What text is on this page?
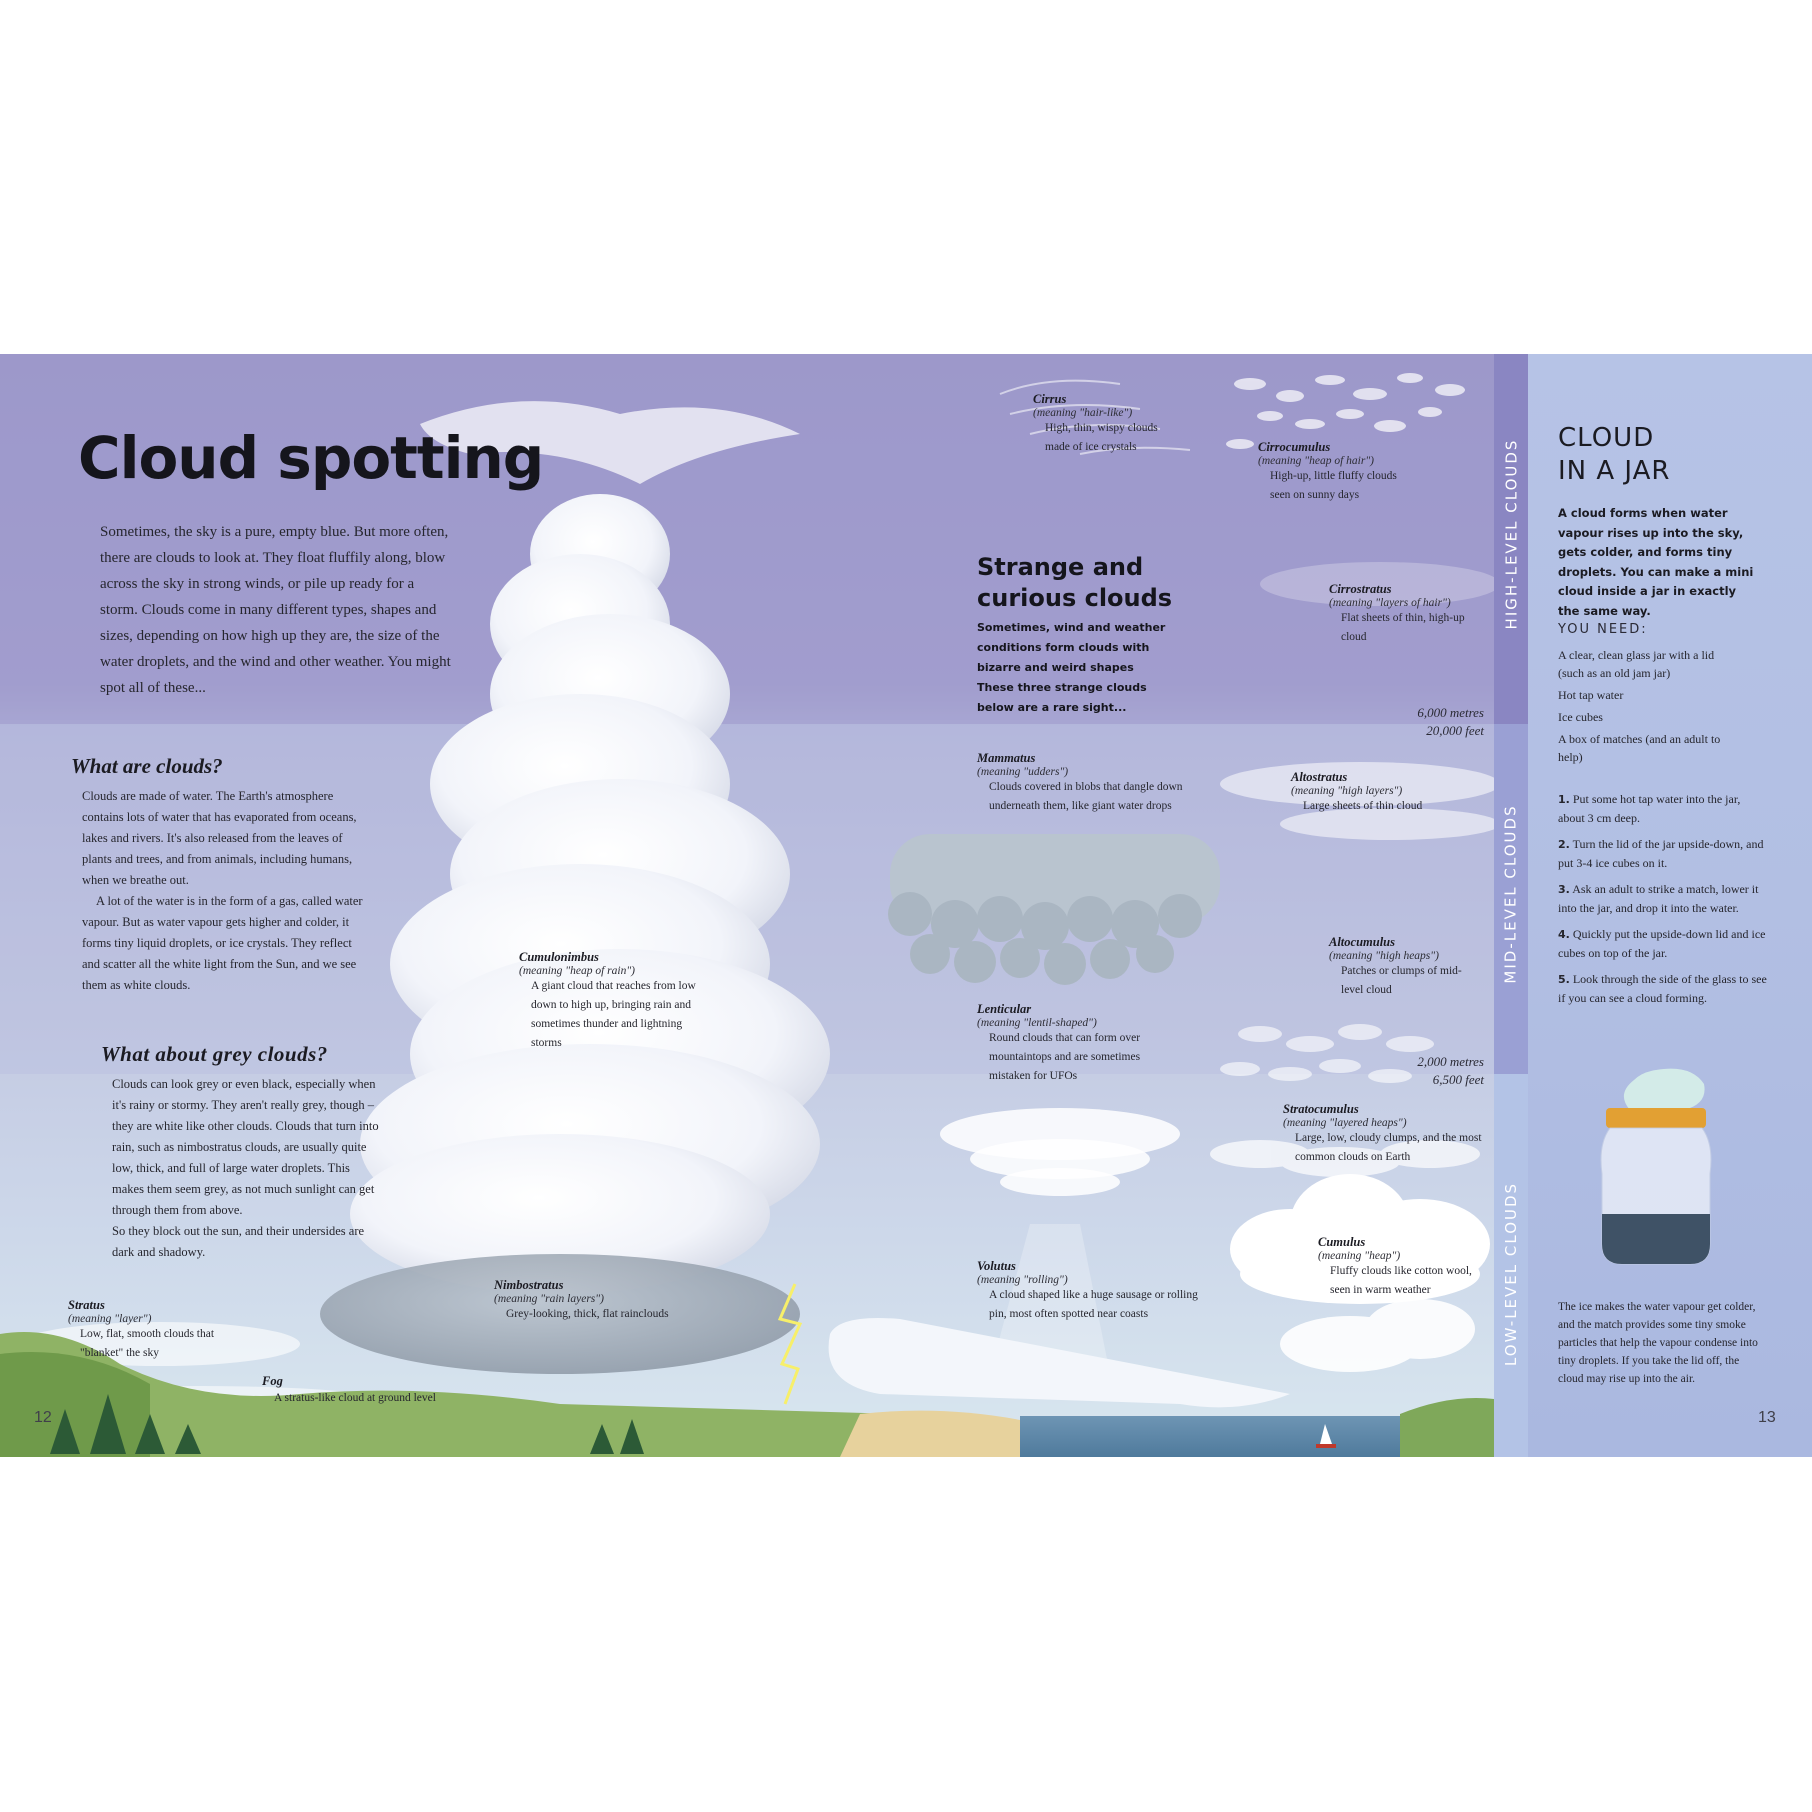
Cloud spotting
Sometimes, the sky is a pure, empty blue. But more often, there are clouds to look at. They float fluffily along, blow across the sky in strong winds, or pile up ready for a storm. Clouds come in many different types, shapes and sizes, depending on how high up they are, the size of the water droplets, and the wind and other weather. You might spot all of these...
What are clouds?
Clouds are made of water. The Earth's atmosphere contains lots of water that has evaporated from oceans, lakes and rivers. It's also released from the leaves of plants and trees, and from animals, including humans, when we breathe out.
A lot of the water is in the form of a gas, called water vapour. But as water vapour gets higher and colder, it forms tiny liquid droplets, or ice crystals. They reflect and scatter all the white light from the Sun, and we see them as white clouds.
What about grey clouds?
Clouds can look grey or even black, especially when it's rainy or stormy. They aren't really grey, though – they are white like other clouds. Clouds that turn into rain, such as nimbostratus clouds, are usually quite low, thick, and full of large water droplets. This makes them seem grey, as not much sunlight can get through them from above.
So they block out the sun, and their undersides are dark and shadowy.
Stratus
(meaning "layer")
Low, flat, smooth clouds that "blanket" the sky
Fog
A stratus-like cloud at ground level
Nimbostratus
(meaning "rain layers")
Grey-looking, thick, flat rainclouds
Cumulonimbus
(meaning "heap of rain")
A giant cloud that reaches from low down to high up, bringing rain and sometimes thunder and lightning storms
Cirrus
(meaning "hair-like")
High, thin, wispy clouds made of ice crystals	Cirrocumulus
(meaning "heap of hair")
High-up, little fluffy clouds seen on sunny days
Strange and
curious clouds
Sometimes, wind and weather conditions form clouds with bizarre and weird shapes These three strange clouds below are a rare sight...
Cirrostratus
(meaning "layers of hair")
Flat sheets of thin, high-up cloud
6,000 metres
20,000 feet
Mammatus
(meaning "udders")
Clouds covered in blobs that dangle down underneath them, like giant water drops
Altostratus
(meaning "high layers")
Large sheets of thin cloud
Altocumulus
(meaning "high heaps")
Patches or clumps of mid-level cloud
Lenticular
(meaning "lentil-shaped")
Round clouds that can form over mountaintops and are sometimes mistaken for UFOs
2,000 metres
6,500 feet
Stratocumulus
(meaning "layered heaps")
Large, low, cloudy clumps, and the most common clouds on Earth
Cumulus
(meaning "heap")
Fluffy clouds like cotton wool, seen in warm weather
Volutus
(meaning "rolling")
A cloud shaped like a huge sausage or rolling pin, most often spotted near coasts
12
HIGH-LEVEL CLOUDS
MID-LEVEL CLOUDS
LOW-LEVEL CLOUDS
CLOUD
IN A JAR
A cloud forms when water vapour rises up into the sky, gets colder, and forms tiny droplets. You can make a mini cloud inside a jar in exactly the same way.
YOU NEED:
A clear, clean glass jar with a lid (such as an old jam jar)
Hot tap water
Ice cubes
A box of matches (and an adult to help)
1. Put some hot tap water into the jar, about 3 cm deep.
2. Turn the lid of the jar upside-down, and put 3-4 ice cubes on it.
3. Ask an adult to strike a match, lower it into the jar, and drop it into the water.
4. Quickly put the upside-down lid and ice cubes on top of the jar.
5. Look through the side of the glass to see if you can see a cloud forming.
The ice makes the water vapour get colder, and the match provides some tiny smoke particles that help the vapour condense into tiny droplets. If you take the lid off, the cloud may rise up into the air.
13
